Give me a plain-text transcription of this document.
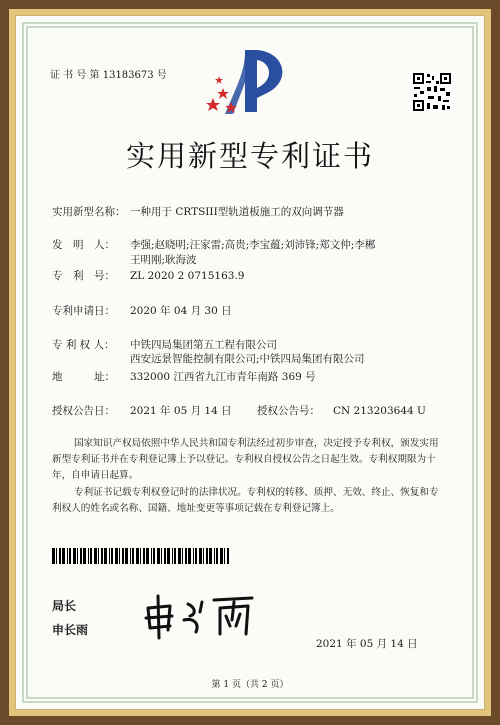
证 书 号 第 13183673 号
实用新型专利证书
实用新型名称： 一种用于 CRTSIII型轨道板施工的双向调节器
发　明　人： 李强;赵晓明;汪家雷;高贵;李宝蕴;刘沛锋;郑文仲;李郴
王明刚;耿海波
专　利　号： ZL 2020 2 0715163.9
专利申请日： 2020 年 04 月 30 日
专 利 权 人： 中铁四局集团第五工程有限公司
西安远景智能控制有限公司;中铁四局集团有限公司
地　　　址： 332000 江西省九江市青年南路 369 号
授权公告日： 2021 年 05 月 14 日 授权公告号： CN 213203644 U
国家知识产权局依照中华人民共和国专利法经过初步审查，决定授予专利权，颁发实用
新型专利证书并在专利登记簿上予以登记。专利权自授权公告之日起生效。专利权期限为十
年，自申请日起算。
专利证书记载专利权登记时的法律状况。专利权的转移、质押、无效、终止、恢复和专
利权人的姓名或名称、国籍、地址变更等事项记载在专利登记簿上。
局长
申长雨
2021 年 05 月 14 日
第 1 页（共 2 页）
